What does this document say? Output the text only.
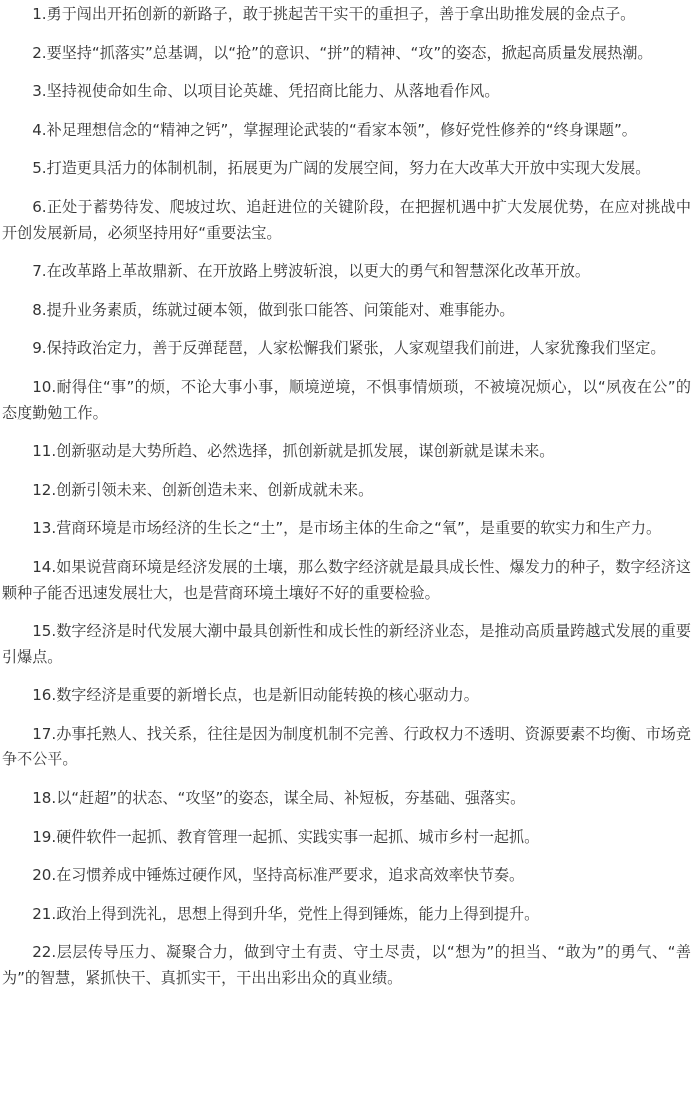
1.勇于闯出开拓创新的新路子，敢于挑起苦干实干的重担子，善于拿出助推发展的金点子。

2.要坚持“抓落实”总基调，以“抢”的意识、“拼”的精神、“攻”的姿态，掀起高质量发展热潮。

3.坚持视使命如生命、以项目论英雄、凭招商比能力、从落地看作风。

4.补足理想信念的“精神之钙”，掌握理论武装的“看家本领”，修好党性修养的“终身课题”。

5.打造更具活力的体制机制，拓展更为广阔的发展空间，努力在大改革大开放中实现大发展。

6.正处于蓄势待发、爬坡过坎、追赶进位的关键阶段，在把握机遇中扩大发展优势，在应对挑战中开创发展新局，必须坚持用好“重要法宝。

7.在改革路上革故鼎新、在开放路上劈波斩浪，以更大的勇气和智慧深化改革开放。

8.提升业务素质，练就过硬本领，做到张口能答、问策能对、难事能办。

9.保持政治定力，善于反弹琵琶，人家松懈我们紧张，人家观望我们前进，人家犹豫我们坚定。

10.耐得住“事”的烦，不论大事小事，顺境逆境，不惧事情烦琐，不被境况烦心，以“夙夜在公”的态度勤勉工作。

11.创新驱动是大势所趋、必然选择，抓创新就是抓发展，谋创新就是谋未来。

12.创新引领未来、创新创造未来、创新成就未来。

13.营商环境是市场经济的生长之“土”，是市场主体的生命之“氧”，是重要的软实力和生产力。

14.如果说营商环境是经济发展的土壤，那么数字经济就是最具成长性、爆发力的种子，数字经济这颗种子能否迅速发展壮大，也是营商环境土壤好不好的重要检验。

15.数字经济是时代发展大潮中最具创新性和成长性的新经济业态，是推动高质量跨越式发展的重要引爆点。

16.数字经济是重要的新增长点，也是新旧动能转换的核心驱动力。

17.办事托熟人、找关系，往往是因为制度机制不完善、行政权力不透明、资源要素不均衡、市场竞争不公平。

18.以“赶超”的状态、“攻坚”的姿态，谋全局、补短板，夯基础、强落实。

19.硬件软件一起抓、教育管理一起抓、实践实事一起抓、城市乡村一起抓。

20.在习惯养成中锤炼过硬作风，坚持高标准严要求，追求高效率快节奏。

21.政治上得到洗礼，思想上得到升华，党性上得到锤炼，能力上得到提升。

22.层层传导压力、凝聚合力，做到守土有责、守土尽责，以“想为”的担当、“敢为”的勇气、“善为”的智慧，紧抓快干、真抓实干，干出出彩出众的真业绩。
